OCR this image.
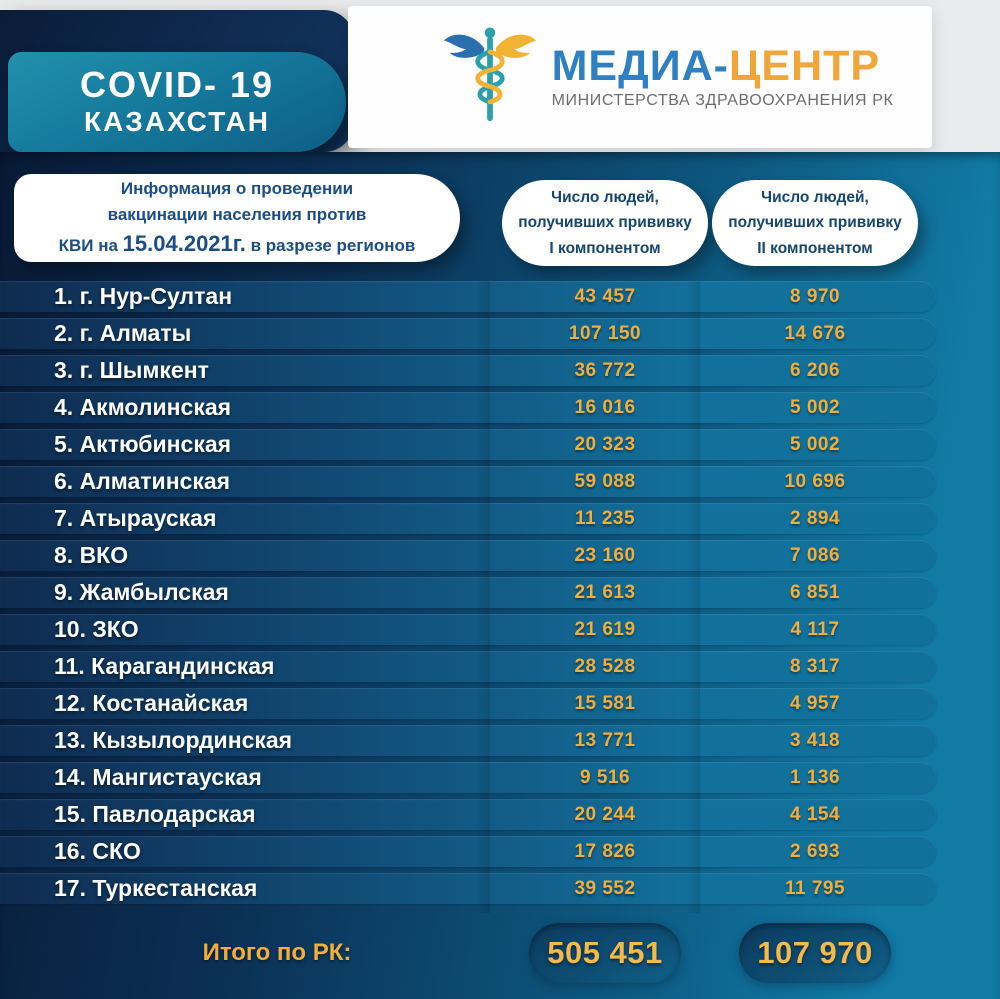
COVID- 19
КАЗАХСТАН
МЕДИА-ЦЕНТР
МИНИСТЕРСТВА ЗДРАВООХРАНЕНИЯ РК
Информация о проведении
вакцинации населения против
КВИ на 15.04.2021г. в разрезе регионов
Число людей,
получивших прививку
I компонентом
Число людей,
получивших прививку
II компонентом
1. г. Нур-Султан	43 457	8 970
2. г. Алматы	107 150	14 676
3. г. Шымкент	36 772	6 206
4. Акмолинская	16 016	5 002
5. Актюбинская	20 323	5 002
6. Алматинская	59 088	10 696
7. Атырауская	11 235	2 894
8. ВКО	23 160	7 086
9. Жамбылская	21 613	6 851
10. ЗКО	21 619	4 117
11. Карагандинская	28 528	8 317
12. Костанайская	15 581	4 957
13. Кызылординская	13 771	3 418
14. Мангистауская	9 516	1 136
15. Павлодарская	20 244	4 154
16. СКО	17 826	2 693
17. Туркестанская	39 552	11 795
Итого по РК:	505 451	107 970
